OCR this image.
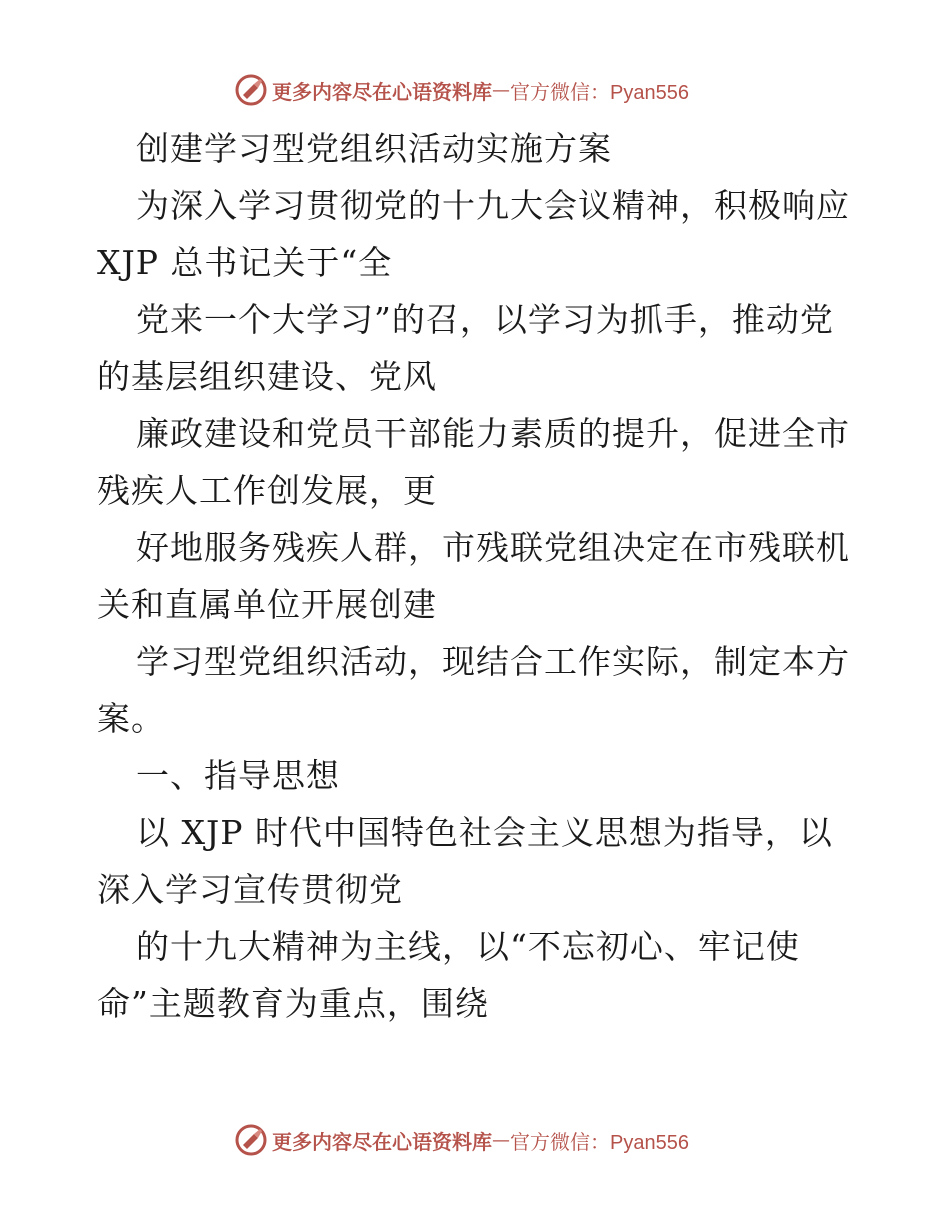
更多内容尽在心语资料库 — 官方微信：Pyan556
创建学习型党组织活动实施方案
为深入学习贯彻党的十九大会议精神，积极响应
XJP 总书记关于“全
党来一个大学习”的召，以学习为抓手，推动党
的基层组织建设、党风
廉政建设和党员干部能力素质的提升，促进全市
残疾人工作创发展，更
好地服务残疾人群，市残联党组决定在市残联机
关和直属单位开展创建
学习型党组织活动，现结合工作实际，制定本方
案。
一、指导思想
以 XJP 时代中国特色社会主义思想为指导，以
深入学习宣传贯彻党
的十九大精神为主线，以“不忘初心、牢记使
命”主题教育为重点，围绕
更多内容尽在心语资料库 — 官方微信：Pyan556
